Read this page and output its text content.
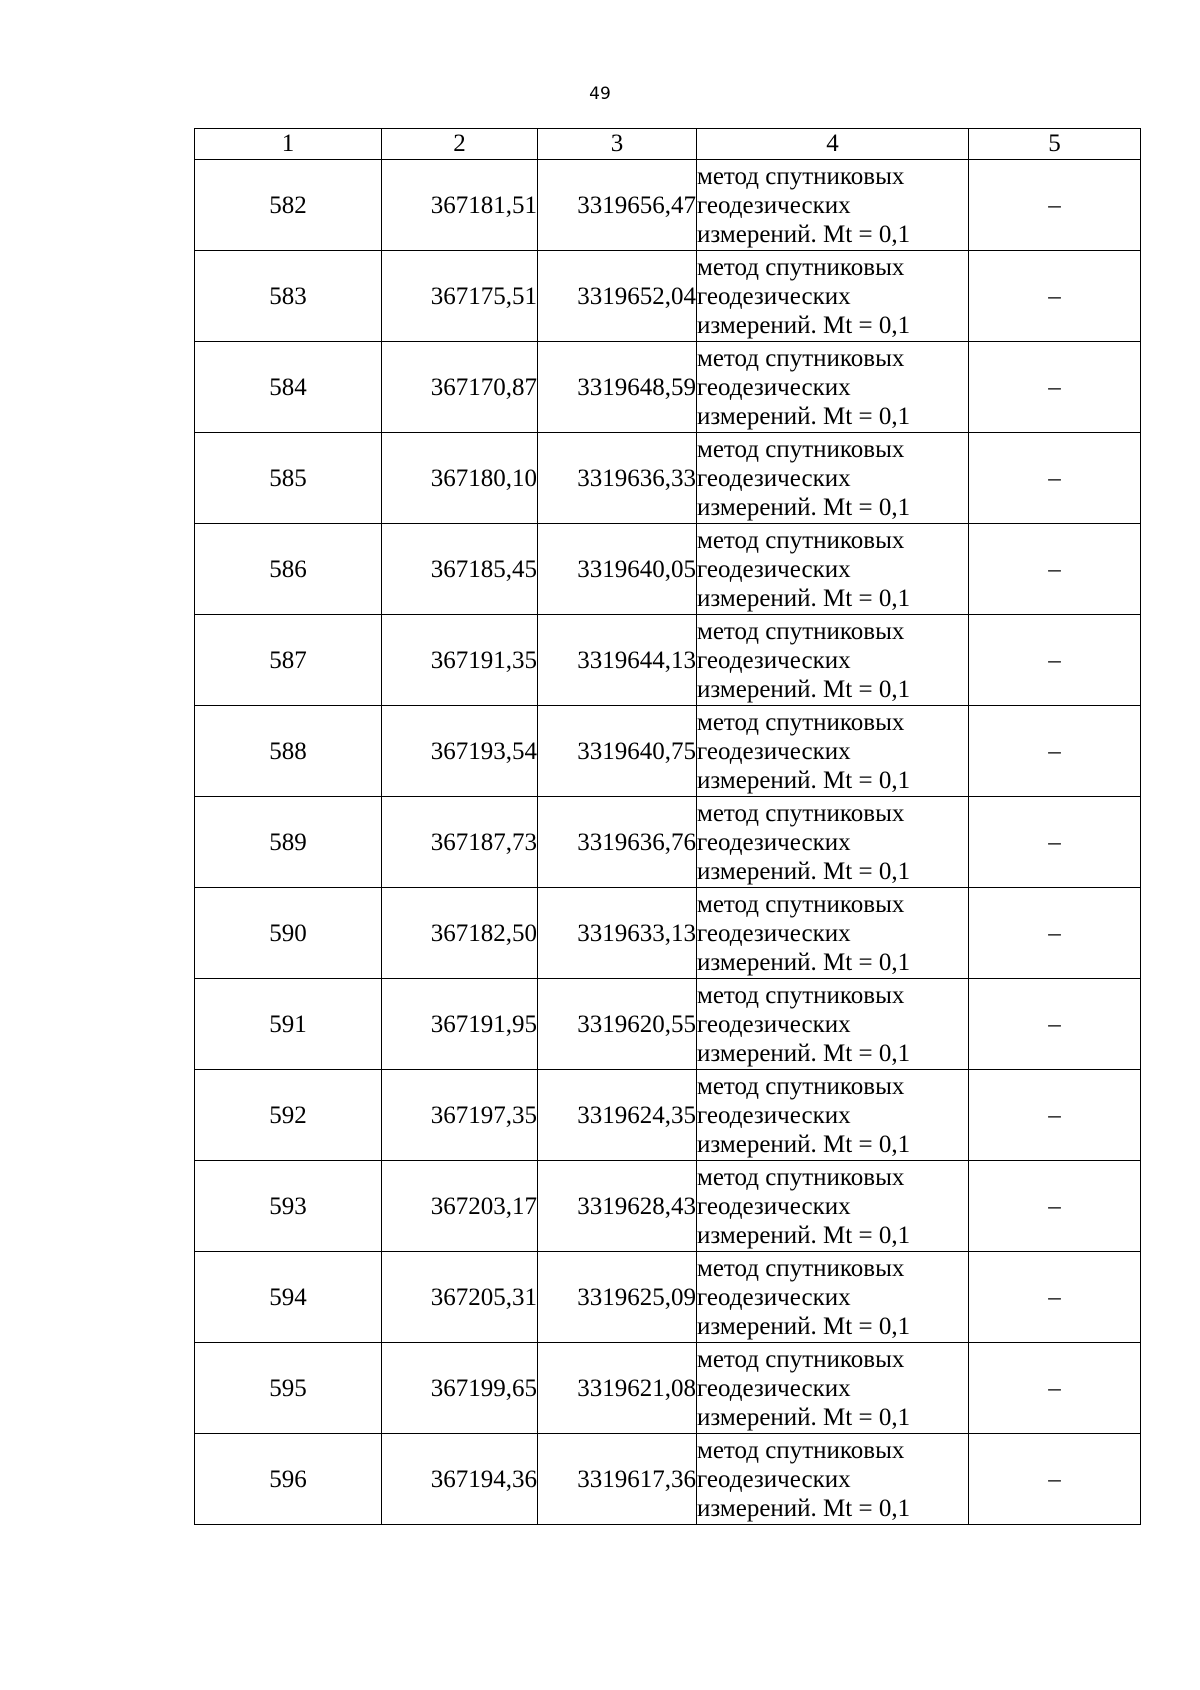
49
1	2	3	4	5
582	367181,51	3319656,47	метод спутниковых
геодезических
измерений. Mt = 0,1	–
583	367175,51	3319652,04	метод спутниковых
геодезических
измерений. Mt = 0,1	–
584	367170,87	3319648,59	метод спутниковых
геодезических
измерений. Mt = 0,1	–
585	367180,10	3319636,33	метод спутниковых
геодезических
измерений. Mt = 0,1	–
586	367185,45	3319640,05	метод спутниковых
геодезических
измерений. Mt = 0,1	–
587	367191,35	3319644,13	метод спутниковых
геодезических
измерений. Mt = 0,1	–
588	367193,54	3319640,75	метод спутниковых
геодезических
измерений. Mt = 0,1	–
589	367187,73	3319636,76	метод спутниковых
геодезических
измерений. Mt = 0,1	–
590	367182,50	3319633,13	метод спутниковых
геодезических
измерений. Mt = 0,1	–
591	367191,95	3319620,55	метод спутниковых
геодезических
измерений. Mt = 0,1	–
592	367197,35	3319624,35	метод спутниковых
геодезических
измерений. Mt = 0,1	–
593	367203,17	3319628,43	метод спутниковых
геодезических
измерений. Mt = 0,1	–
594	367205,31	3319625,09	метод спутниковых
геодезических
измерений. Mt = 0,1	–
595	367199,65	3319621,08	метод спутниковых
геодезических
измерений. Mt = 0,1	–
596	367194,36	3319617,36	метод спутниковых
геодезических
измерений. Mt = 0,1	–
